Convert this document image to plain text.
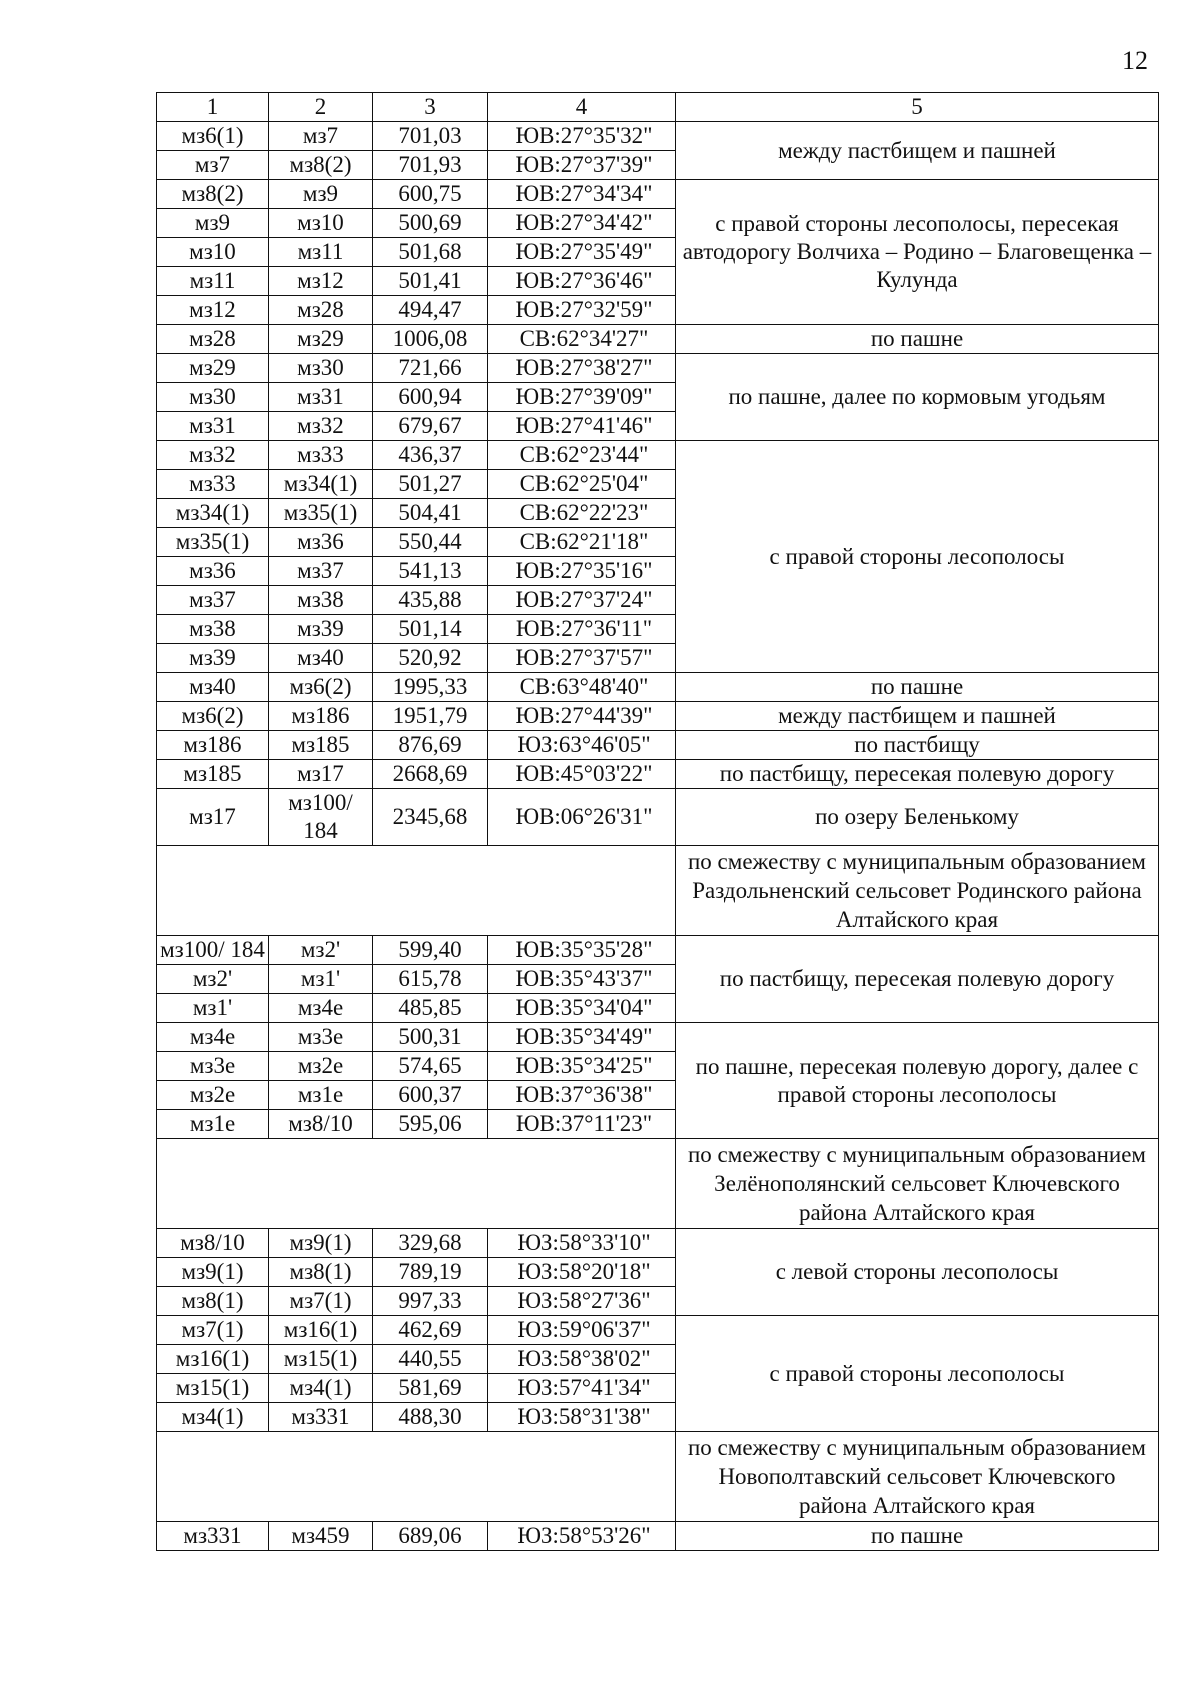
12
1	2	3	4	5
мз6(1)	мз7	701,03	ЮВ:27°35'32"	между пастбищем и пашней
мз7	мз8(2)	701,93	ЮВ:27°37'39"	
мз8(2)	мз9	600,75	ЮВ:27°34'34"	с правой стороны лесополосы, пересекая автодорогу Волчиха – Родино – Благовещенка – Кулунда
мз9	мз10	500,69	ЮВ:27°34'42"	
мз10	мз11	501,68	ЮВ:27°35'49"	
мз11	мз12	501,41	ЮВ:27°36'46"	
мз12	мз28	494,47	ЮВ:27°32'59"	
мз28	мз29	1006,08	СВ:62°34'27"	по пашне
мз29	мз30	721,66	ЮВ:27°38'27"	по пашне, далее по кормовым угодьям
мз30	мз31	600,94	ЮВ:27°39'09"	
мз31	мз32	679,67	ЮВ:27°41'46"	
мз32	мз33	436,37	СВ:62°23'44"	с правой стороны лесополосы
мз33	мз34(1)	501,27	СВ:62°25'04"	
мз34(1)	мз35(1)	504,41	СВ:62°22'23"	
мз35(1)	мз36	550,44	СВ:62°21'18"	
мз36	мз37	541,13	ЮВ:27°35'16"	
мз37	мз38	435,88	ЮВ:27°37'24"	
мз38	мз39	501,14	ЮВ:27°36'11"	
мз39	мз40	520,92	ЮВ:27°37'57"	
мз40	мз6(2)	1995,33	СВ:63°48'40"	по пашне
мз6(2)	мз186	1951,79	ЮВ:27°44'39"	между пастбищем и пашней
мз186	мз185	876,69	ЮЗ:63°46'05"	по пастбищу
мз185	мз17	2668,69	ЮВ:45°03'22"	по пастбищу, пересекая полевую дорогу
мз17	мз100/ 184	2345,68	ЮВ:06°26'31"	по озеру Беленькому
				по смежеству с муниципальным образованием Раздольненский сельсовет Родинского района Алтайского края
мз100/ 184	мз2'	599,40	ЮВ:35°35'28"	по пастбищу, пересекая полевую дорогу
мз2'	мз1'	615,78	ЮВ:35°43'37"	
мз1'	мз4е	485,85	ЮВ:35°34'04"	
мз4е	мз3е	500,31	ЮВ:35°34'49"	по пашне, пересекая полевую дорогу, далее с правой стороны лесополосы
мз3е	мз2е	574,65	ЮВ:35°34'25"	
мз2е	мз1е	600,37	ЮВ:37°36'38"	
мз1е	мз8/10	595,06	ЮВ:37°11'23"	
				по смежеству с муниципальным образованием Зелёнополянский сельсовет Ключевского района Алтайского края
мз8/10	мз9(1)	329,68	ЮЗ:58°33'10"	с левой стороны лесополосы
мз9(1)	мз8(1)	789,19	ЮЗ:58°20'18"	
мз8(1)	мз7(1)	997,33	ЮЗ:58°27'36"	
мз7(1)	мз16(1)	462,69	ЮЗ:59°06'37"	с правой стороны лесополосы
мз16(1)	мз15(1)	440,55	ЮЗ:58°38'02"	
мз15(1)	мз4(1)	581,69	ЮЗ:57°41'34"	
мз4(1)	мз331	488,30	ЮЗ:58°31'38"	
				по смежеству с муниципальным образованием Новополтавский сельсовет Ключевского района Алтайского края
мз331	мз459	689,06	ЮЗ:58°53'26"	по пашне
